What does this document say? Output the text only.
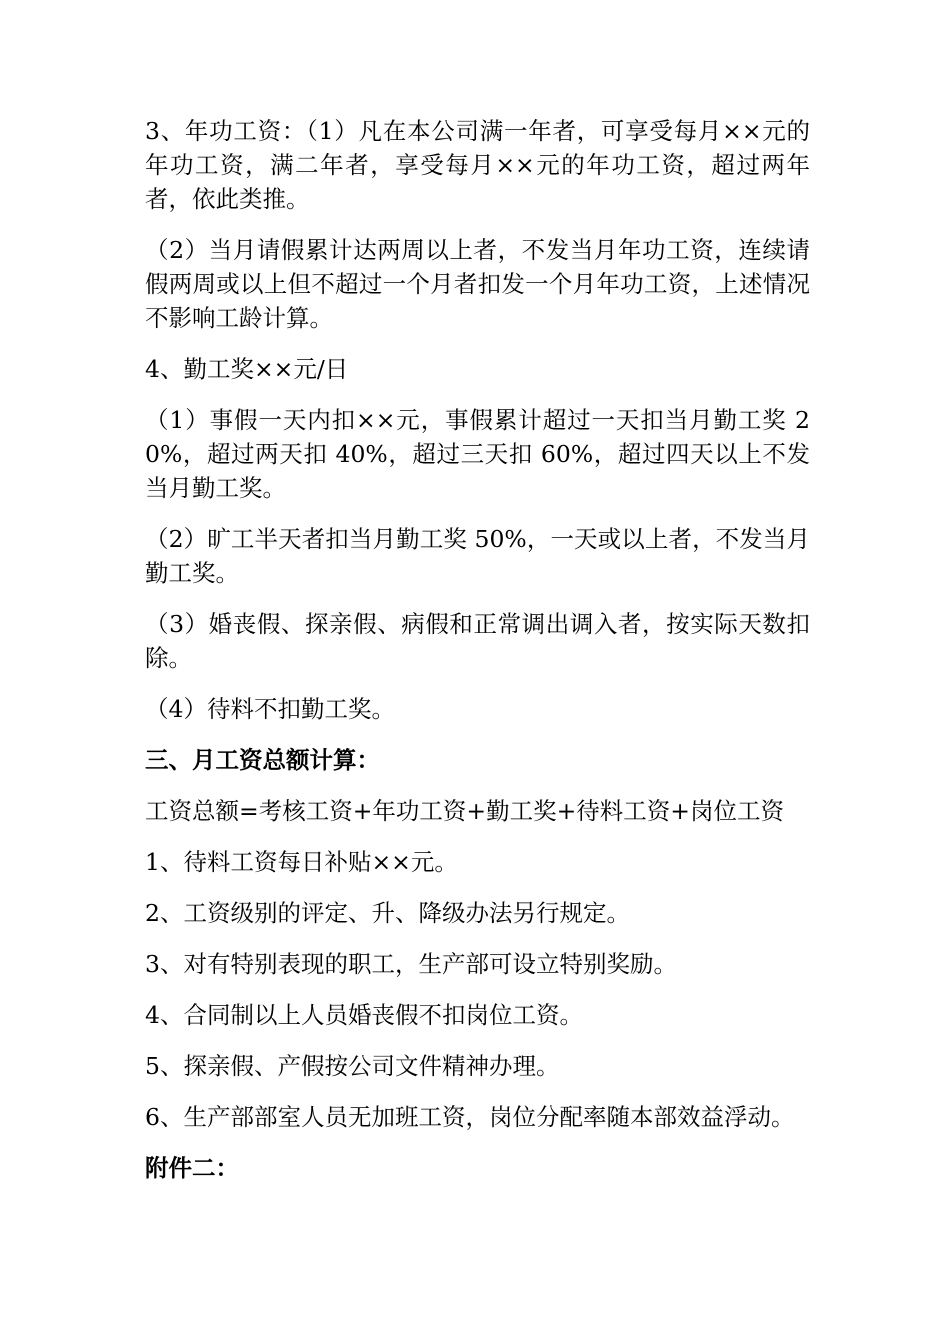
3、年功工资：（1）凡在本公司满一年者，可享受每月××元的年功工资，满二年者，享受每月××元的年功工资，超过两年者，依此类推。

（2）当月请假累计达两周以上者，不发当月年功工资，连续请假两周或以上但不超过一个月者扣发一个月年功工资，上述情况不影响工龄计算。

4、勤工奖××元/日

（1）事假一天内扣××元，事假累计超过一天扣当月勤工奖 20%，超过两天扣 40%，超过三天扣 60%，超过四天以上不发当月勤工奖。

（2）旷工半天者扣当月勤工奖 50%，一天或以上者，不发当月勤工奖。

（3）婚丧假、探亲假、病假和正常调出调入者，按实际天数扣除。

（4）待料不扣勤工奖。

三、月工资总额计算：

工资总额=考核工资+年功工资+勤工奖+待料工资+岗位工资

1、待料工资每日补贴××元。

2、工资级别的评定、升、降级办法另行规定。

3、对有特别表现的职工，生产部可设立特别奖励。

4、合同制以上人员婚丧假不扣岗位工资。

5、探亲假、产假按公司文件精神办理。

6、生产部部室人员无加班工资，岗位分配率随本部效益浮动。

附件二：
